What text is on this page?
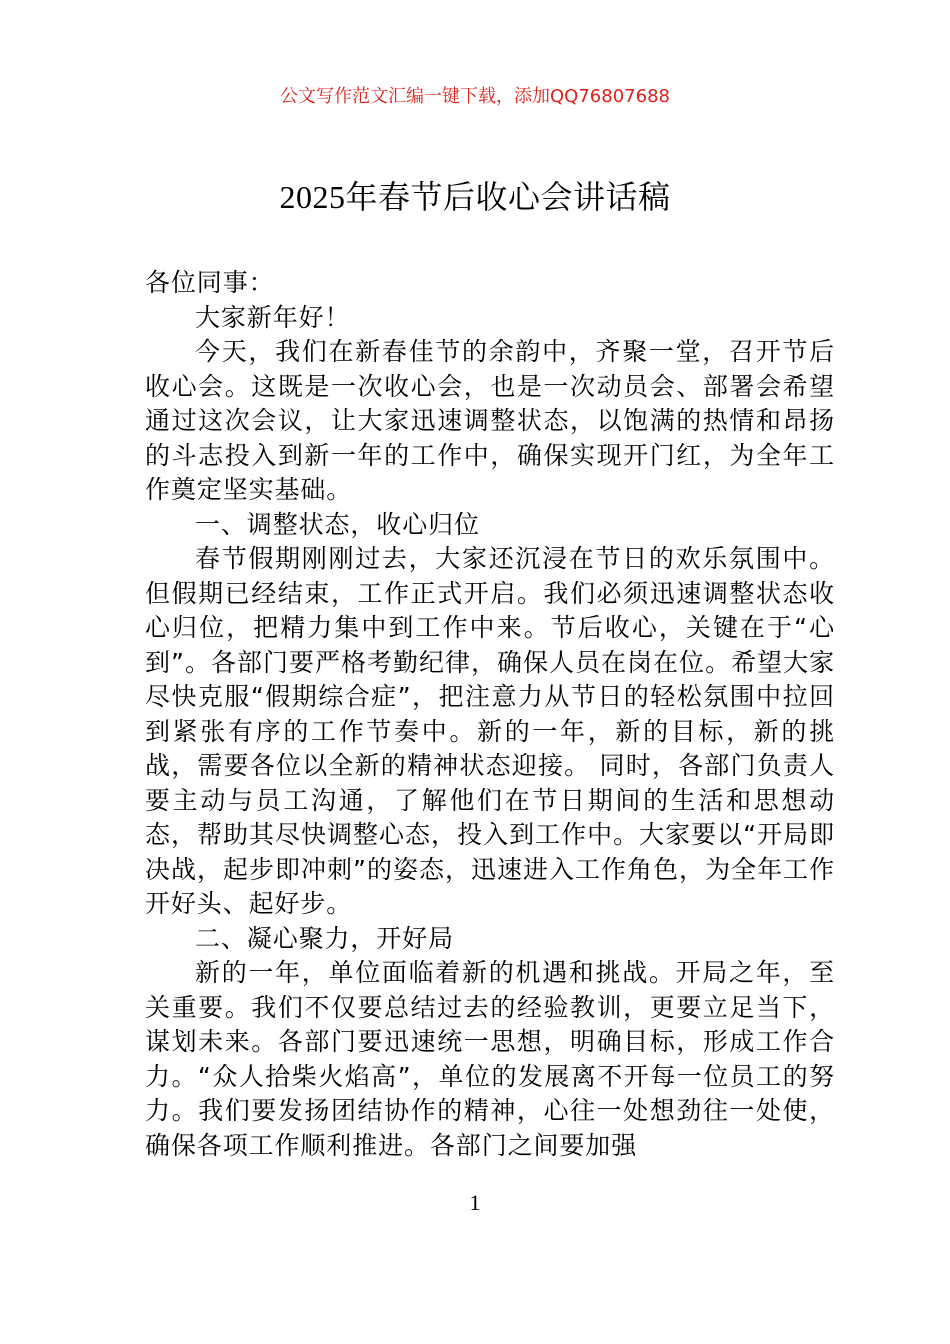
公文写作范文汇编一键下载，添加QQ76807688
2025年春节后收心会讲话稿

各位同事：

大家新年好！

今天，我们在新春佳节的余韵中，齐聚一堂，召开节后收心会。这既是一次收心会，也是一次动员会、部署会希望通过这次会议，让大家迅速调整状态，以饱满的热情和昂扬的斗志投入到新一年的工作中，确保实现开门红，为全年工作奠定坚实基础。

一、调整状态，收心归位

春节假期刚刚过去，大家还沉浸在节日的欢乐氛围中。但假期已经结束，工作正式开启。我们必须迅速调整状态收心归位，把精力集中到工作中来。节后收心，关键在于“心到”。各部门要严格考勤纪律，确保人员在岗在位。希望大家尽快克服“假期综合症”，把注意力从节日的轻松氛围中拉回到紧张有序的工作节奏中。新的一年，新的目标，新的挑战，需要各位以全新的精神状态迎接。 同时，各部门负责人要主动与员工沟通，了解他们在节日期间的生活和思想动态，帮助其尽快调整心态，投入到工作中。大家要以“开局即决战，起步即冲刺”的姿态，迅速进入工作角色，为全年工作开好头、起好步。

二、凝心聚力，开好局

新的一年，单位面临着新的机遇和挑战。开局之年，至关重要。我们不仅要总结过去的经验教训，更要立足当下，谋划未来。各部门要迅速统一思想，明确目标，形成工作合力。“众人拾柴火焰高”，单位的发展离不开每一位员工的努力。我们要发扬团结协作的精神，心往一处想劲往一处使，确保各项工作顺利推进。各部门之间要加强

1
